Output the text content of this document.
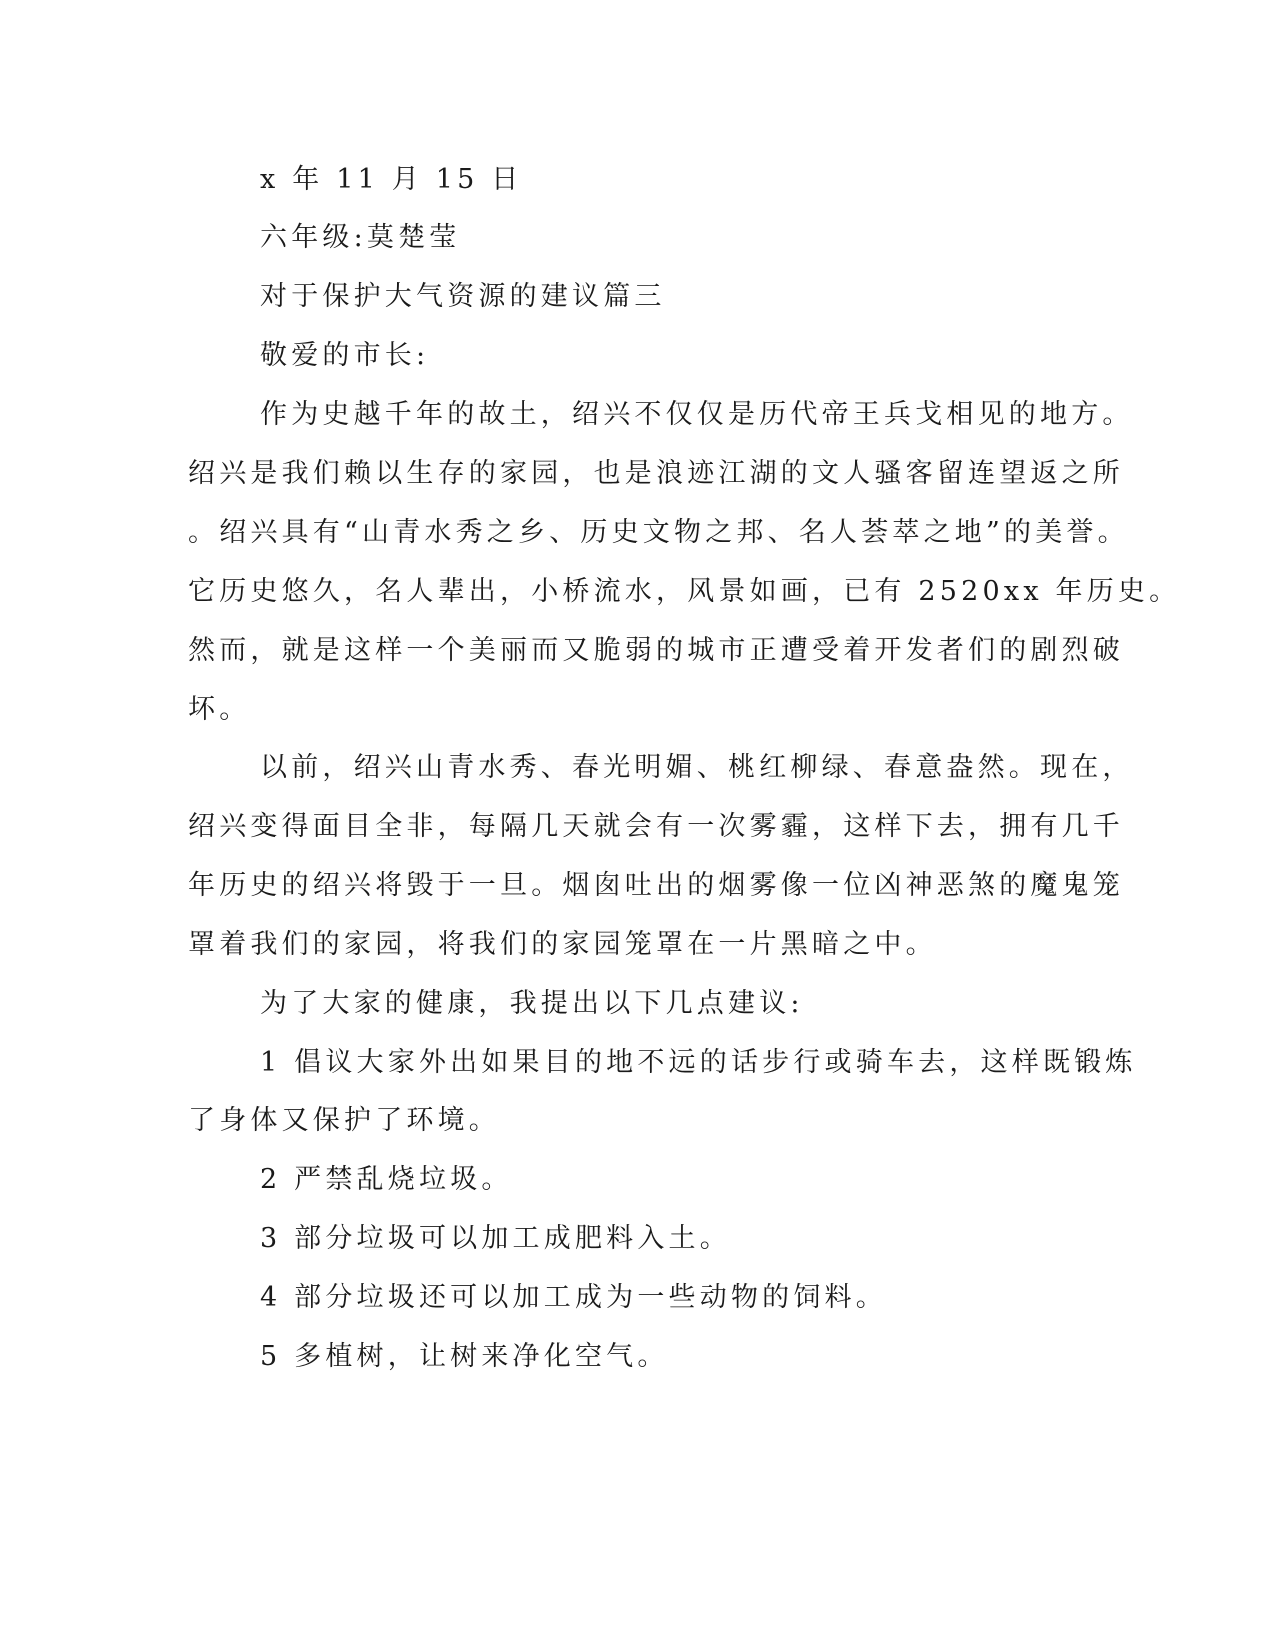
x 年 11 月 15 日

六年级:莫楚莹

对于保护大气资源的建议篇三

敬爱的市长:

作为史越千年的故土，绍兴不仅仅是历代帝王兵戈相见的地方。

绍兴是我们赖以生存的家园，也是浪迹江湖的文人骚客留连望返之所

。绍兴具有“山青水秀之乡、历史文物之邦、名人荟萃之地”的美誉。

它历史悠久，名人辈出，小桥流水，风景如画，已有 2520xx 年历史。

然而，就是这样一个美丽而又脆弱的城市正遭受着开发者们的剧烈破

坏。

以前，绍兴山青水秀、春光明媚、桃红柳绿、春意盎然。现在，

绍兴变得面目全非，每隔几天就会有一次雾霾，这样下去，拥有几千

年历史的绍兴将毁于一旦。烟囱吐出的烟雾像一位凶神恶煞的魔鬼笼

罩着我们的家园，将我们的家园笼罩在一片黑暗之中。

为了大家的健康，我提出以下几点建议:

1 倡议大家外出如果目的地不远的话步行或骑车去，这样既锻炼

了身体又保护了环境。

2 严禁乱烧垃圾。

3 部分垃圾可以加工成肥料入土。

4 部分垃圾还可以加工成为一些动物的饲料。

5 多植树，让树来净化空气。
